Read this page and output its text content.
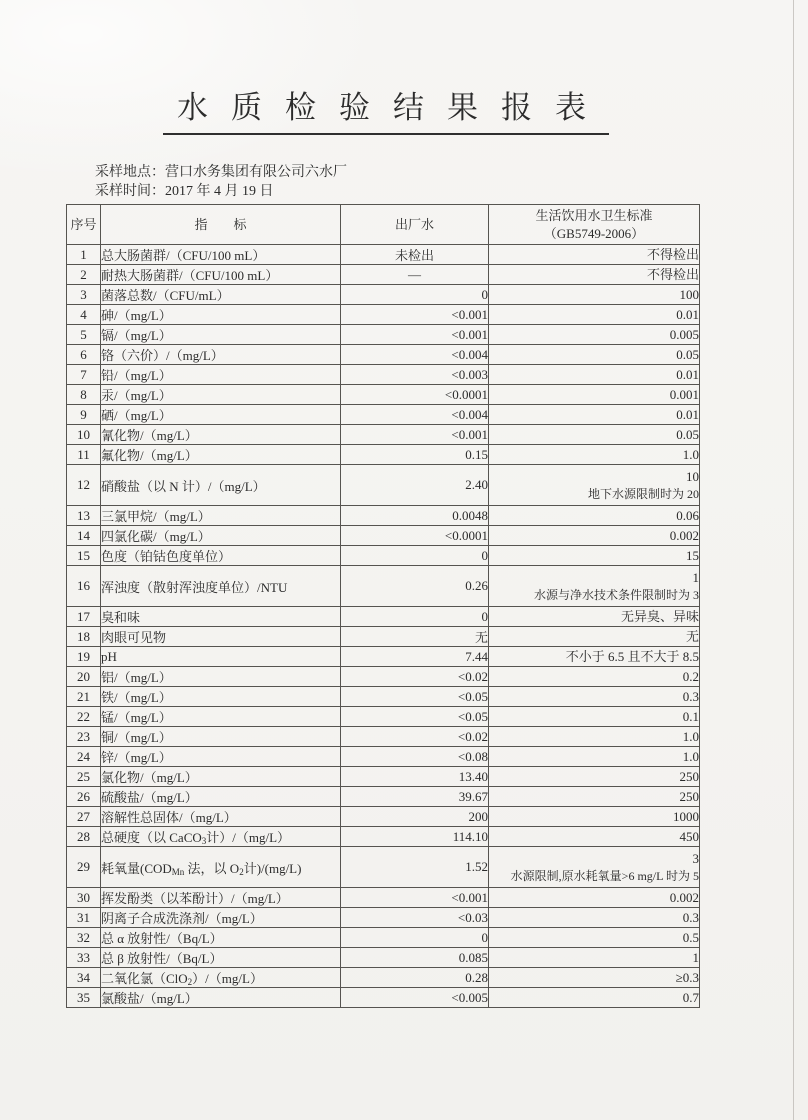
水质检验结果报表
采样地点：营口水务集团有限公司六水厂
采样时间：2017 年 4 月 19 日
序号	指　　标	出厂水	生活饮用水卫生标准
（GB5749-2006）

1	总大肠菌群/（CFU/100 mL）	未检出	不得检出

2	耐热大肠菌群/（CFU/100 mL）	—	不得检出

3	菌落总数/（CFU/mL）	0	100

4	砷/（mg/L）	<0.001	0.01

5	镉/（mg/L）	<0.001	0.005

6	铬（六价）/（mg/L）	<0.004	0.05

7	铅/（mg/L）	<0.003	0.01

8	汞/（mg/L）	<0.0001	0.001

9	硒/（mg/L）	<0.004	0.01

10	氰化物/（mg/L）	<0.001	0.05

11	氟化物/（mg/L）	0.15	1.0

12	硝酸盐（以 N 计）/（mg/L）	2.40	10
地下水源限制时为 20

13	三氯甲烷/（mg/L）	0.0048	0.06

14	四氯化碳/（mg/L）	<0.0001	0.002

15	色度（铂钴色度单位）	0	15

16	浑浊度（散射浑浊度单位）/NTU	0.26	1
水源与净水技术条件限制时为 3

17	臭和味	0	无异臭、异味

18	肉眼可见物	无	无

19	pH	7.44	不小于 6.5 且不大于 8.5

20	铝/（mg/L）	<0.02	0.2

21	铁/（mg/L）	<0.05	0.3

22	锰/（mg/L）	<0.05	0.1

23	铜/（mg/L）	<0.02	1.0

24	锌/（mg/L）	<0.08	1.0

25	氯化物/（mg/L）	13.40	250

26	硫酸盐/（mg/L）	39.67	250

27	溶解性总固体/（mg/L）	200	1000

28	总硬度（以 CaCO$_3$计）/（mg/L）	114.10	450

29	耗氧量($COD_{Mn}$ 法，以 $O_2$计)/(mg/L)	1.52	3
水源限制,原水耗氧量>6 mg/L 时为 5

30	挥发酚类（以苯酚计）/（mg/L）	<0.001	0.002

31	阴离子合成洗涤剂/（mg/L）	<0.03	0.3

32	总 α 放射性/（Bq/L）	0	0.5

33	总 β 放射性/（Bq/L）	0.085	1

34	二氧化氯（ClO$_2$）/（mg/L）	0.28	≥0.3

35	氯酸盐/（mg/L）	<0.005	0.7
